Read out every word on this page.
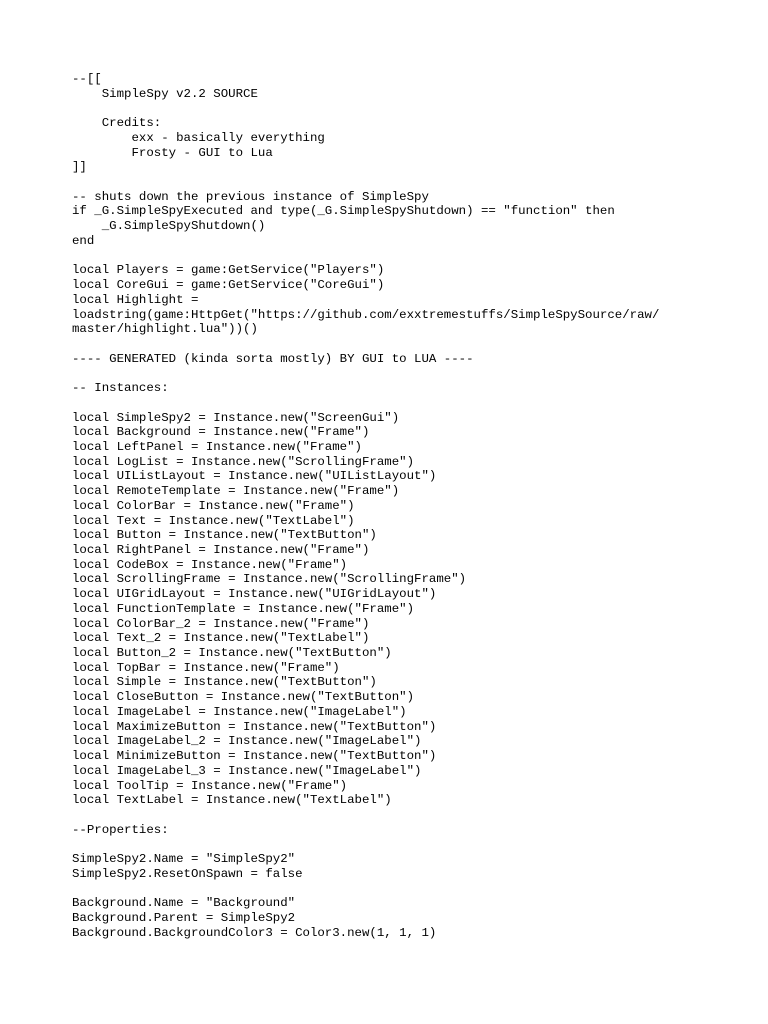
--[[
SimpleSpy v2.2 SOURCE
Credits:
exx - basically everything
Frosty - GUI to Lua
]]
-- shuts down the previous instance of SimpleSpy
if _G.SimpleSpyExecuted and type(_G.SimpleSpyShutdown) == "function" then
_G.SimpleSpyShutdown()
end
local Players = game:GetService("Players")
local CoreGui = game:GetService("CoreGui")
local Highlight =
loadstring(game:HttpGet("https://github.com/exxtremestuffs/SimpleSpySource/raw/
master/highlight.lua"))()
---- GENERATED (kinda sorta mostly) BY GUI to LUA ----
-- Instances:
local SimpleSpy2 = Instance.new("ScreenGui")
local Background = Instance.new("Frame")
local LeftPanel = Instance.new("Frame")
local LogList = Instance.new("ScrollingFrame")
local UIListLayout = Instance.new("UIListLayout")
local RemoteTemplate = Instance.new("Frame")
local ColorBar = Instance.new("Frame")
local Text = Instance.new("TextLabel")
local Button = Instance.new("TextButton")
local RightPanel = Instance.new("Frame")
local CodeBox = Instance.new("Frame")
local ScrollingFrame = Instance.new("ScrollingFrame")
local UIGridLayout = Instance.new("UIGridLayout")
local FunctionTemplate = Instance.new("Frame")
local ColorBar_2 = Instance.new("Frame")
local Text_2 = Instance.new("TextLabel")
local Button_2 = Instance.new("TextButton")
local TopBar = Instance.new("Frame")
local Simple = Instance.new("TextButton")
local CloseButton = Instance.new("TextButton")
local ImageLabel = Instance.new("ImageLabel")
local MaximizeButton = Instance.new("TextButton")
local ImageLabel_2 = Instance.new("ImageLabel")
local MinimizeButton = Instance.new("TextButton")
local ImageLabel_3 = Instance.new("ImageLabel")
local ToolTip = Instance.new("Frame")
local TextLabel = Instance.new("TextLabel")
--Properties:
SimpleSpy2.Name = "SimpleSpy2"
SimpleSpy2.ResetOnSpawn = false
Background.Name = "Background"
Background.Parent = SimpleSpy2
Background.BackgroundColor3 = Color3.new(1, 1, 1)
